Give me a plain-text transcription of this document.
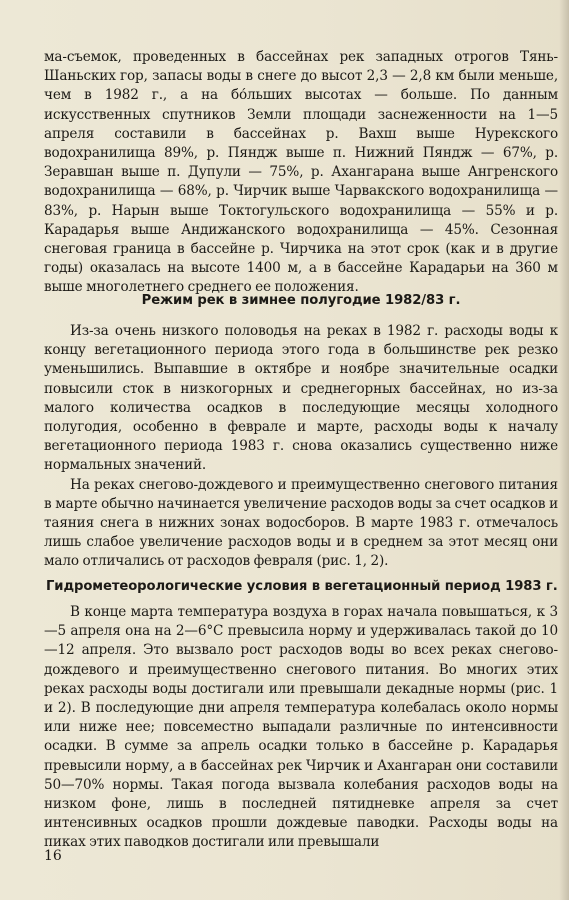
ма-съемок, проведенных в бассейнах рек западных отрогов Тянь-Шаньских гор, запасы воды в снеге до высот 2,3 — 2,8 км были меньше, чем в 1982 г., а на бо́льших высотах — больше. По данным искусственных спутников Земли площади заснеженности на 1—5 апреля составили в бассейнах р. Вахш выше Нурекского водохранилища 89%, р. Пяндж выше п. Нижний Пяндж — 67%, р. Зеравшан выше п. Дупули — 75%, р. Ахангарана выше Ангренского водохранилища — 68%, р. Чирчик выше Чарвакского водохранилища — 83%, р. Нарын выше Токтогульского водохранилища — 55% и р. Карадарья выше Андижанского водохранилища — 45%. Сезонная снеговая граница в бассейне р. Чирчика на этот срок (как и в другие годы) оказалась на высоте 1400 м, а в бассейне Карадарьи на 360 м выше многолетнего среднего ее положения.

Режим рек в зимнее полугодие 1982/83 г.

Из-за очень низкого половодья на реках в 1982 г. расходы воды к концу вегетационного периода этого года в большинстве рек резко уменьшились. Выпавшие в октябре и ноябре значительные осадки повысили сток в низкогорных и среднегорных бассейнах, но из-за малого количества осадков в последующие месяцы холодного полугодия, особенно в феврале и марте, расходы воды к началу вегетационного периода 1983 г. снова оказались существенно ниже нормальных значений.

На реках снегово-дождевого и преимущественно снегового питания в марте обычно начинается увеличение расходов воды за счет осадков и таяния снега в нижних зонах водосборов. В марте 1983 г. отмечалось лишь слабое увеличение расходов воды и в среднем за этот месяц они мало отличались от расходов февраля (рис. 1, 2).

Гидрометеорологические условия в вегетационный период 1983 г.

В конце марта температура воздуха в горах начала повышаться, к 3—5 апреля она на 2—6°С превысила норму и удерживалась такой до 10—12 апреля. Это вызвало рост расходов воды во всех реках снегово-дождевого и преимущественно снегового питания. Во многих этих реках расходы воды достигали или превышали декадные нормы (рис. 1 и 2). В последующие дни апреля температура колебалась около нормы или ниже нее; повсеместно выпадали различные по интенсивности осадки. В сумме за апрель осадки только в бассейне р. Карадарья превысили норму, а в бассейнах рек Чирчик и Ахангаран они составили 50—70% нормы. Такая погода вызвала колебания расходов воды на низком фоне, лишь в последней пятидневке апреля за счет интенсивных осадков прошли дождевые паводки. Расходы воды на пиках этих паводков достигали или превышали

16
